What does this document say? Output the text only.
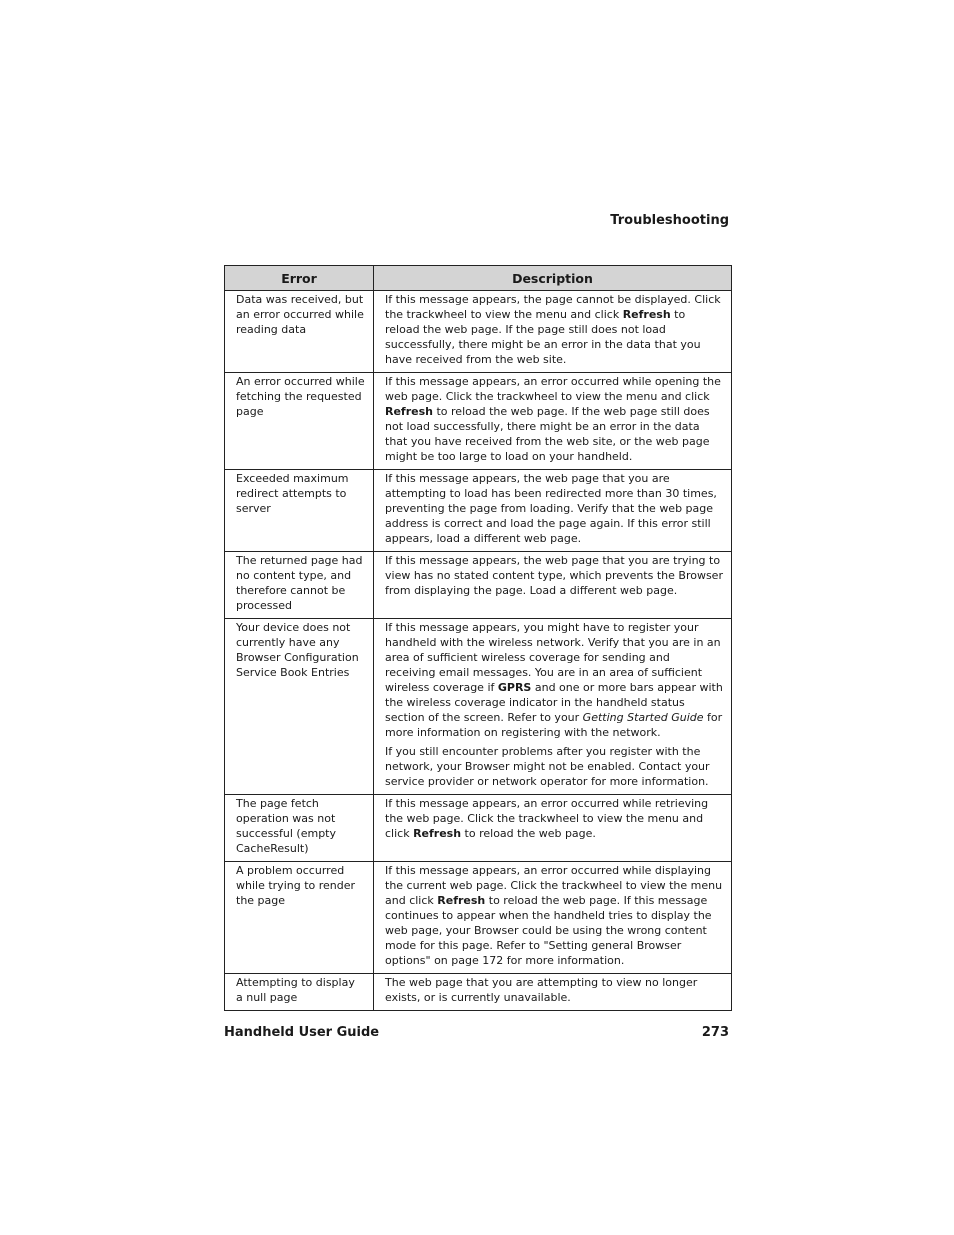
Troubleshooting
Error	Description
Data was received, but an error occurred while reading data	If this message appears, the page cannot be displayed. Click the trackwheel to view the menu and click Refresh to reload the web page. If the page still does not load successfully, there might be an error in the data that you have received from the web site.

An error occurred while fetching the requested page	If this message appears, an error occurred while opening the web page. Click the trackwheel to view the menu and click Refresh to reload the web page. If the web page still does not load successfully, there might be an error in the data that you have received from the web site, or the web page might be too large to load on your handheld.

Exceeded maximum redirect attempts to server	If this message appears, the web page that you are attempting to load has been redirected more than 30 times, preventing the page from loading. Verify that the web page address is correct and load the page again. If this error still appears, load a different web page.

The returned page had no content type, and therefore cannot be processed	If this message appears, the web page that you are trying to view has no stated content type, which prevents the Browser from displaying the page. Load a different web page.

Your device does not currently have any Browser Configuration Service Book Entries	If this message appears, you might have to register your handheld with the wireless network. Verify that you are in an area of sufficient wireless coverage for sending and receiving email messages. You are in an area of sufficient wireless coverage if GPRS and one or more bars appear with the wireless coverage indicator in the handheld status section of the screen. Refer to your Getting Started Guide for more information on registering with the network.

If you still encounter problems after you register with the network, your Browser might not be enabled. Contact your service provider or network operator for more information.

The page fetch operation was not successful (empty CacheResult)	If this message appears, an error occurred while retrieving the web page. Click the trackwheel to view the menu and click Refresh to reload the web page.

A problem occurred while trying to render the page	If this message appears, an error occurred while displaying the current web page. Click the trackwheel to view the menu and click Refresh to reload the web page. If this message continues to appear when the handheld tries to display the web page, your Browser could be using the wrong content mode for this page. Refer to "Setting general Browser options" on page 172 for more information.

Attempting to display a null page	The web page that you are attempting to view no longer exists, or is currently unavailable.

Handheld User Guide	273
